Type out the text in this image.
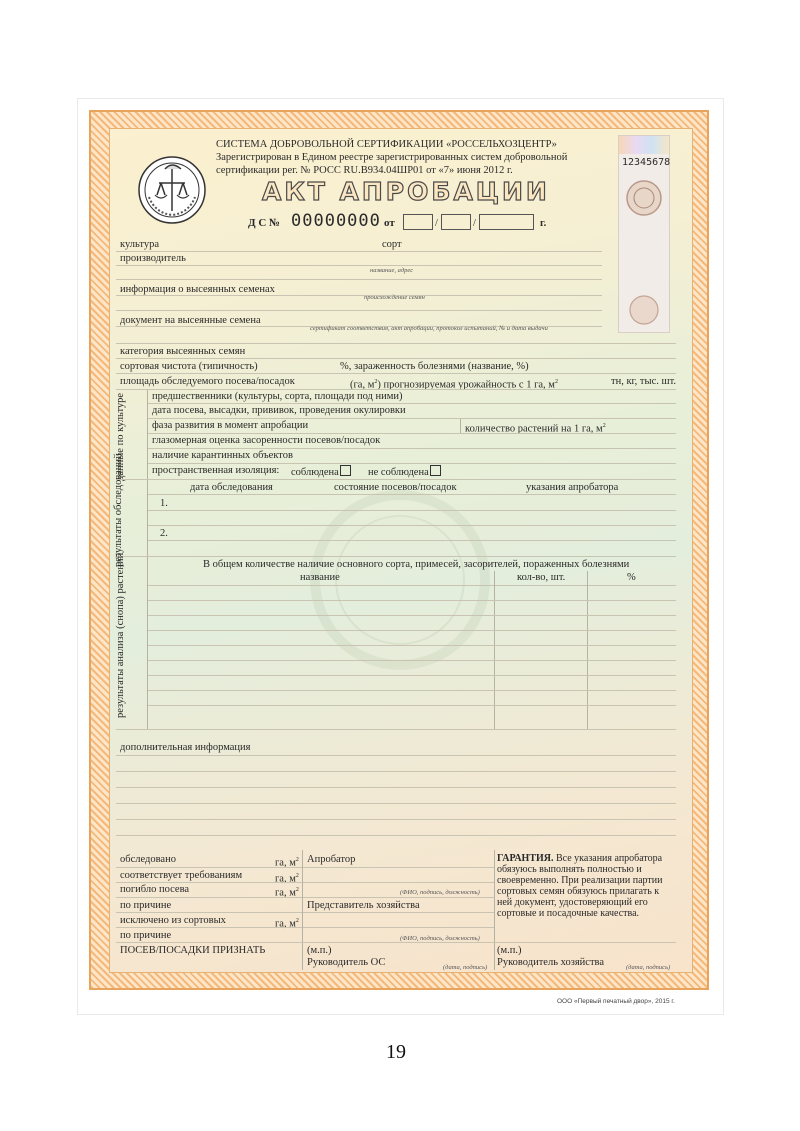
СИСТЕМА ДОБРОВОЛЬНОЙ СЕРТИФИКАЦИИ «РОССЕЛЬХОЗЦЕНТР»
Зарегистрирован в Едином реестре зарегистрированных систем добровольной
сертификации рег. № РОСС RU.B934.04ШР01 от «7» июня 2012 г.
АКТ АПРОБАЦИИ
Д С № 00000000 от	/	/	г.
12345678
культура	сорт
производитель
название, адрес
информация о высеянных семенах
происхождение семян
документ на высеянные семена
сертификат соответствия, акт апробации, протокол испытаний, № и дата выдачи
категория высеянных семян
сортовая чистота (типичность)	%, зараженность болезнями (название, %)
площадь обследуемого посева/посадок	(га, $м^2$) прогнозируемая урожайность с 1 га, $м^2$	тн, кг, тыс. шт.
данные по культуре	предшественники (культуры, сорта, площади под ними)
дата посева, высадки, прививок, проведения окулировки
фаза развития в момент апробации	количество растений на 1 га, $м^2$
глазомерная оценка засоренности посевов/посадок
наличие карантинных объектов
пространственная изоляция: соблюдена	не соблюдена
результаты обследований	дата обследования	состояние посевов/посадок	указания апробатора
1.
2.
результаты анализа (снопа) растений	В общем количестве наличие основного сорта, примесей, засорителей, пораженных болезнями
название	кол-во, шт.	%
дополнительная информация
обследовано	га, $м^2$
соответствует требованиям	га, $м^2$
погибло посева	га, $м^2$
по причине
исключено из сортовых	га, $м^2$
по причине
ПОСЕВ/ПОСАДКИ ПРИЗНАТЬ
Апробатор
(ФИО, подпись, должность)
Представитель хозяйства
(ФИО, подпись, должность)
(м.п.)
Руководитель ОС	(дата, подпись)
ГАРАНТИЯ. Все указания апробатора
обязуюсь выполнять полностью и
своевременно. При реализации партии
сортовых семян обязуюсь прилагать к
ней документ, удостоверяющий его
сортовые и посадочные качества.
(м.п.)
Руководитель хозяйства	(дата, подпись)
ООО «Первый печатный двор», 2015 г.
19
